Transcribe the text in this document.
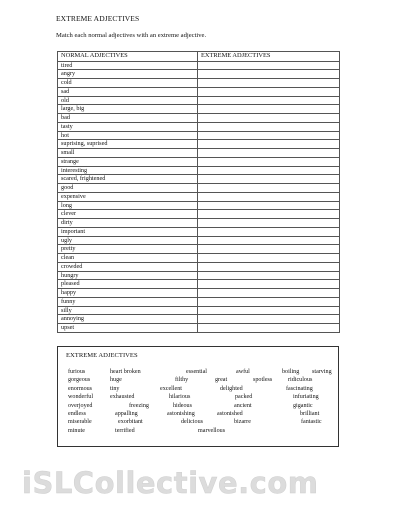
EXTREME ADJECTIVES
Match each normal adjectives with an extreme adjective.
NORMAL ADJECTIVES	EXTREME ADJECTIVES
tired	
angry	
cold	
sad	
old	
large, big	
bad	
tasty	
hot	
suprising, suprised	
small	
strange	
interesting	
scared, frightened	
good	
expensive	
long	
clever	
dirty	
important	
ugly	
pretty	
clean	
crowded	
hungry	
pleased	
happy	
funny	
silly	
annoying	
upset	
EXTREME ADJECTIVES
furious	heart broken	essential	awful	boiling starving
gorgeous	huge	filthy	great	spotless	ridiculous
enormous	tiny	excellent	delighted	fascinating
wonderful	exhausted	hilarious	packed	infuriating
overjoyed	freezing	hideous	ancient	gigantic
endless	appalling	astonishing	astonished	brilliant
miserable	exorbitant	delicious	bizarre	fantastic
minute	terrified	marvellous
iSLCollective.com
